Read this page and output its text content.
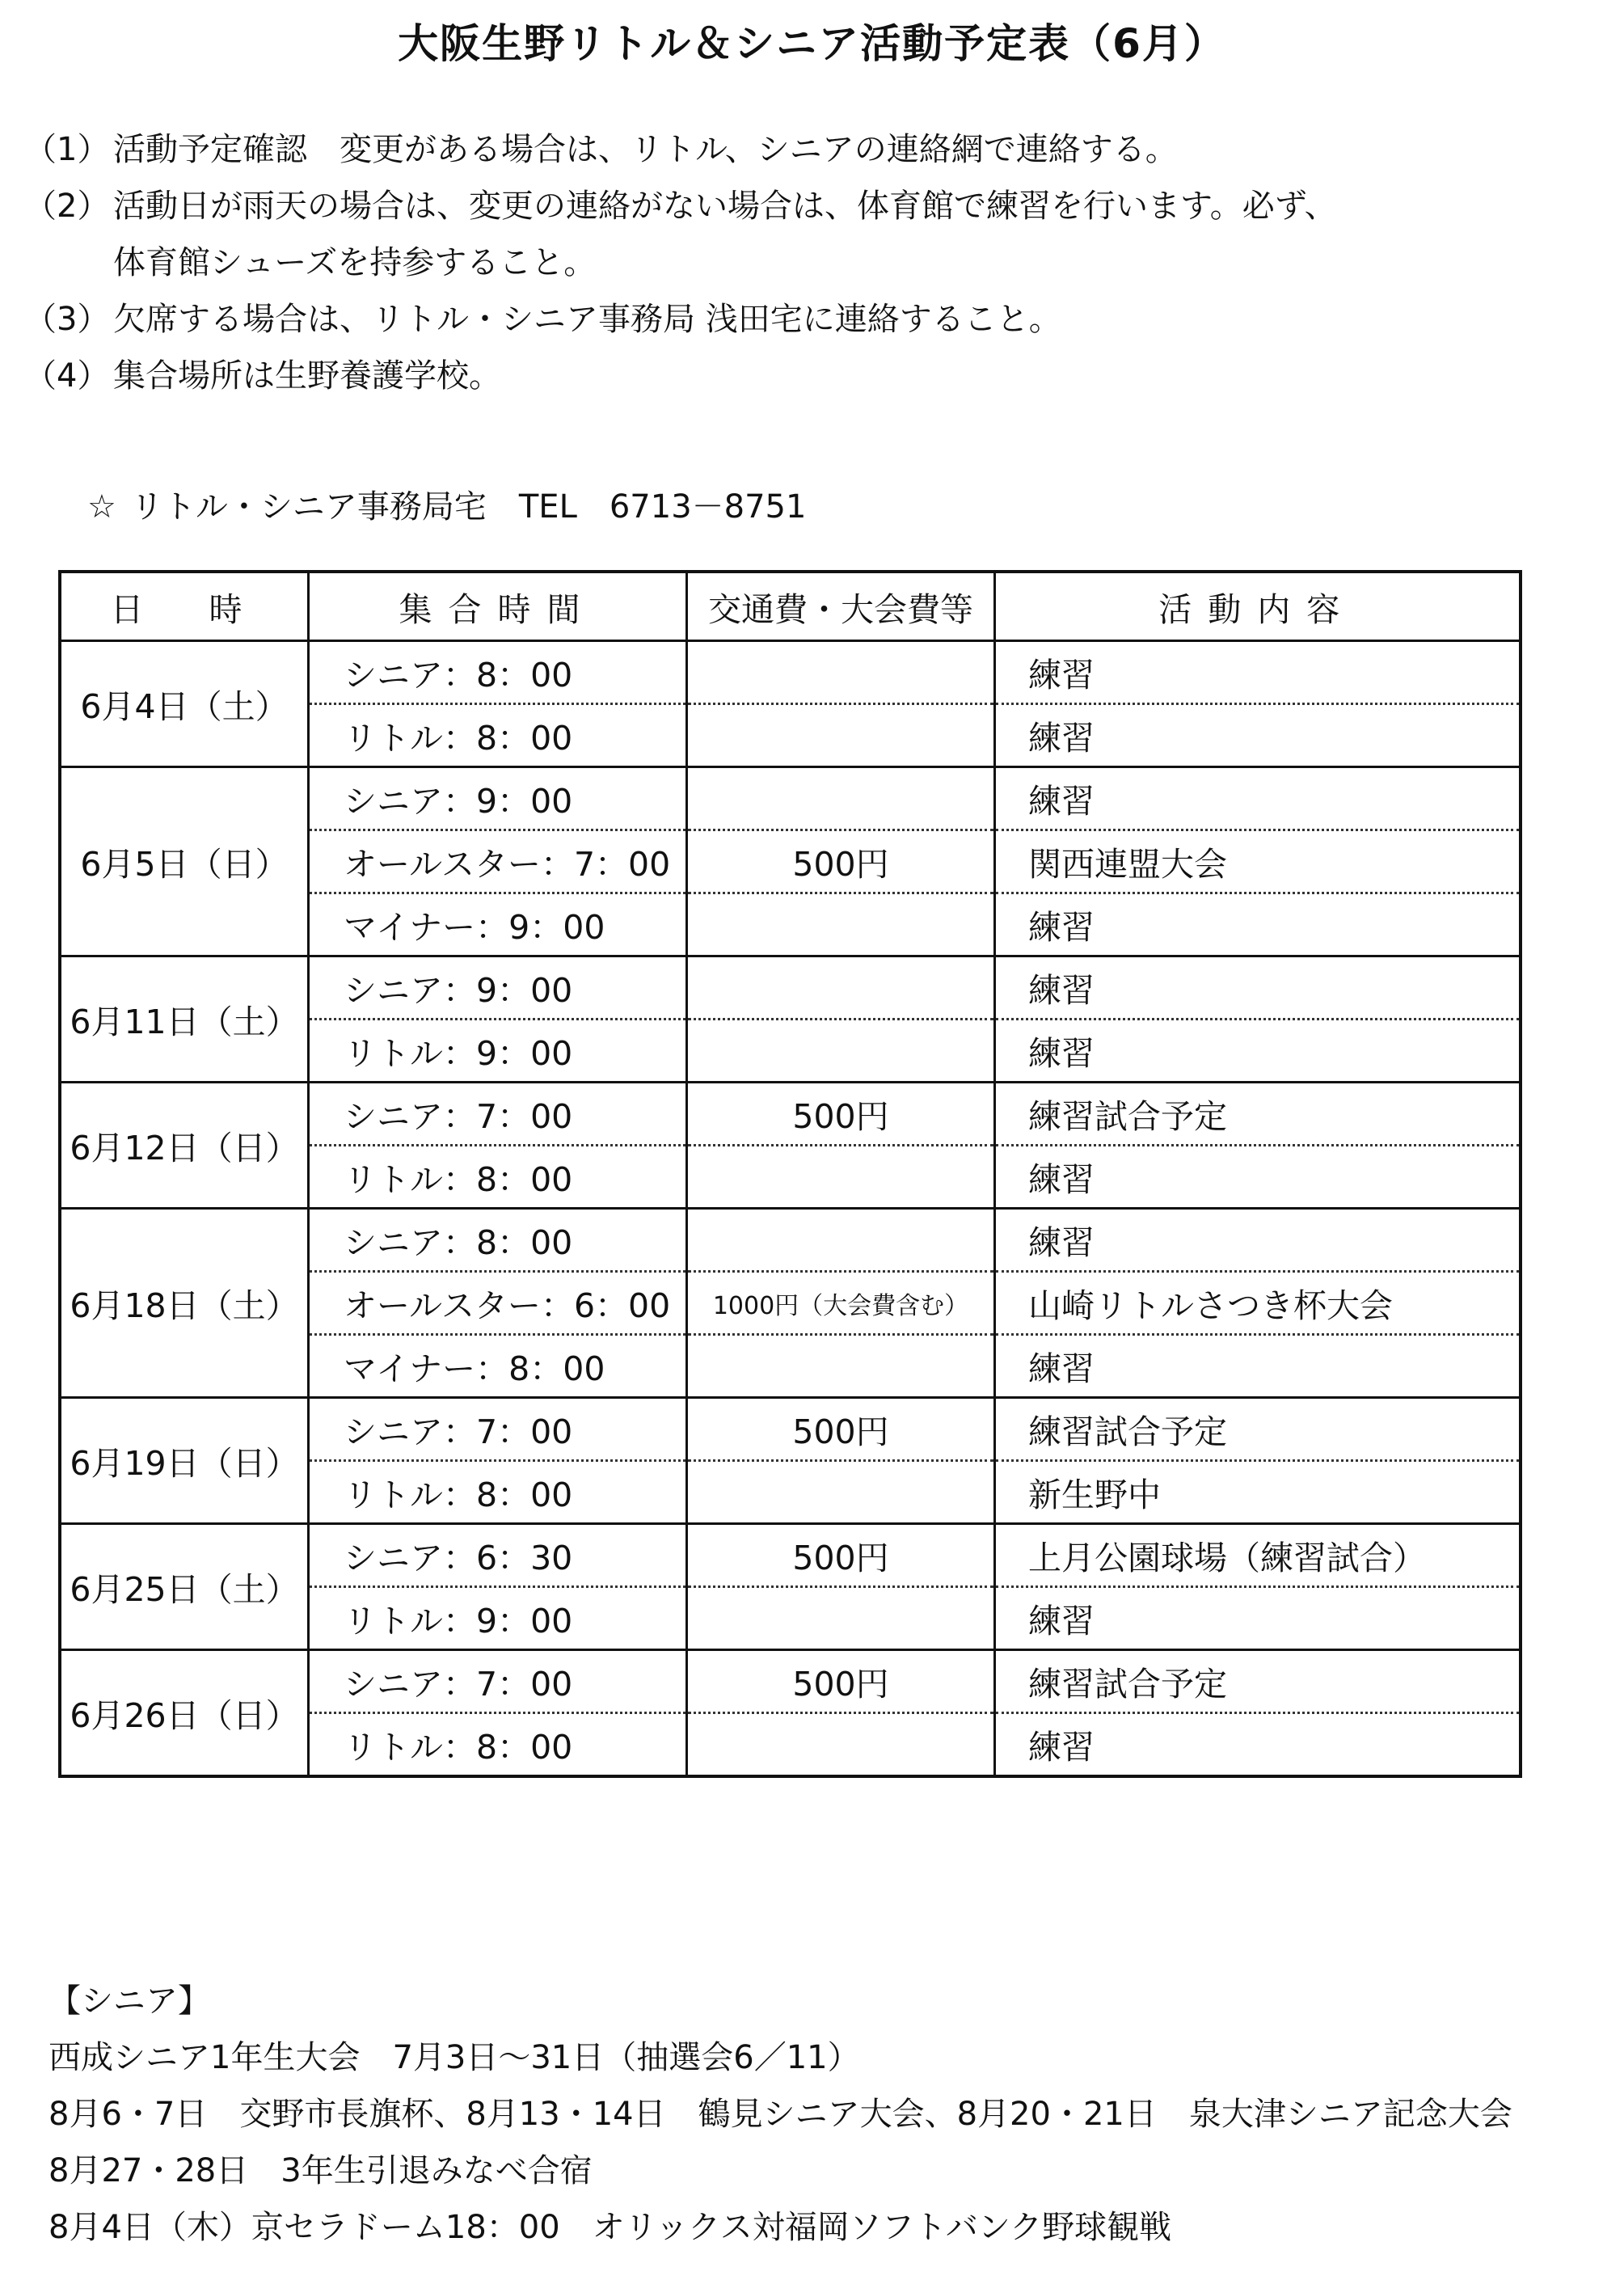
大阪生野リトル＆シニア活動予定表（6月）
（1） 活動予定確認　変更がある場合は、リトル、シニアの連絡網で連絡する。
（2） 活動日が雨天の場合は、変更の連絡がない場合は、体育館で練習を行います。必ず、
体育館シューズを持参すること。
（3） 欠席する場合は、リトル・シニア事務局 浅田宅に連絡すること。
（4） 集合場所は生野養護学校。
☆ リトル・シニア事務局宅　TEL　6713－8751
日　時	集合時間	交通費・大会費等	活動内容
6月4日（土）	シニア：8：00		練習
	リトル：8：00		練習
6月5日（日）	シニア：9：00		練習
	オールスター：7：00	500円	関西連盟大会
	マイナー：9：00		練習
6月11日（土）	シニア：9：00		練習
	リトル：9：00		練習
6月12日（日）	シニア：7：00	500円	練習試合予定
	リトル：8：00		練習
6月18日（土）	シニア：8：00		練習
	オールスター：6：00	1000円（大会費含む）	山崎リトルさつき杯大会
	マイナー：8：00		練習
6月19日（日）	シニア：7：00	500円	練習試合予定
	リトル：8：00		新生野中
6月25日（土）	シニア：6：30	500円	上月公園球場（練習試合）
	リトル：9：00		練習
6月26日（日）	シニア：7：00	500円	練習試合予定
	リトル：8：00		練習
【シニア】
西成シニア1年生大会　7月3日～31日（抽選会6／11）
8月6・7日　交野市長旗杯、8月13・14日　鶴見シニア大会、8月20・21日　泉大津シニア記念大会
8月27・28日　3年生引退みなべ合宿
8月4日（木）京セラドーム18：00　オリックス対福岡ソフトバンク野球観戦
